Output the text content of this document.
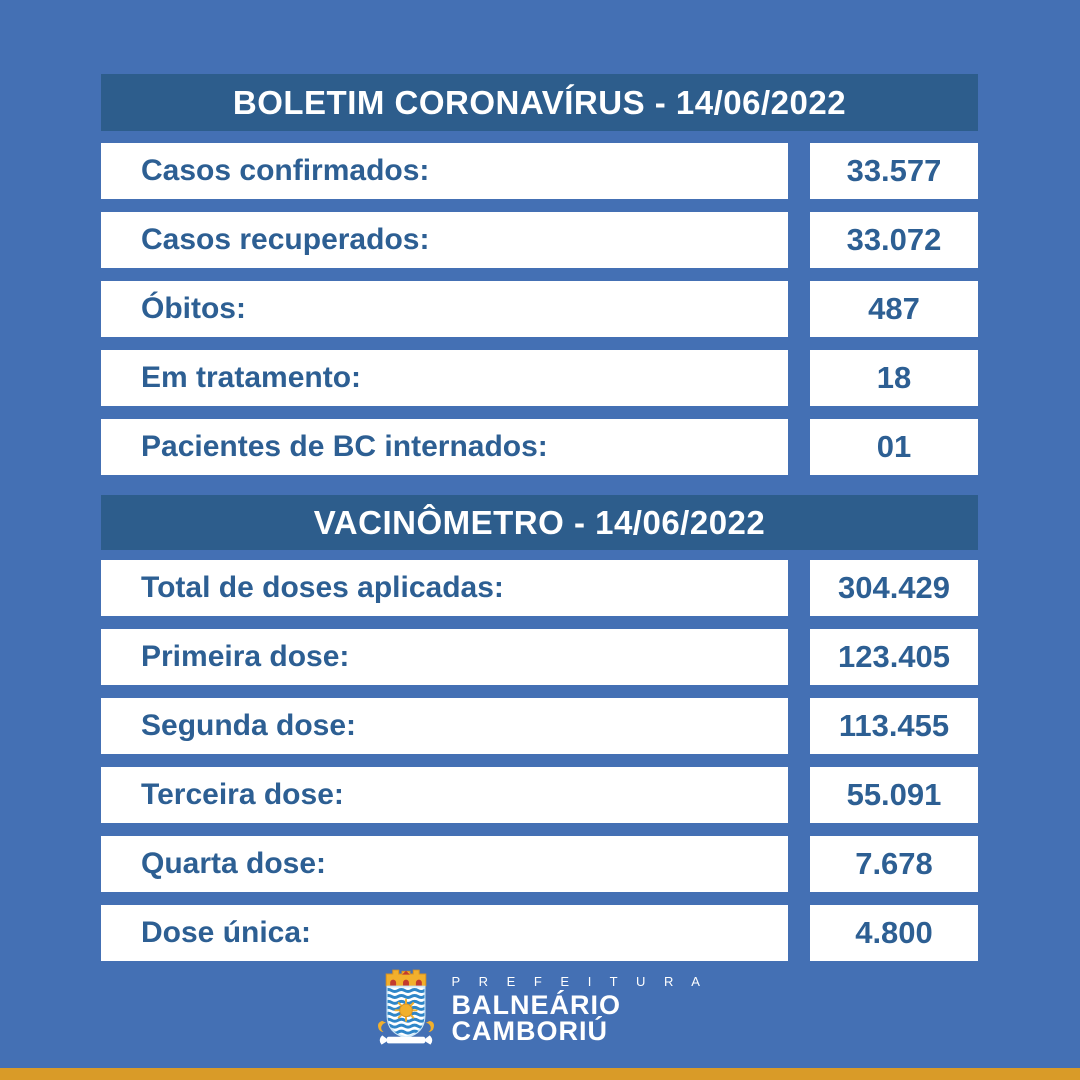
BOLETIM CORONAVÍRUS - 14/06/2022
Casos confirmados:	33.577
Casos recuperados:	33.072
Óbitos:	487
Em tratamento:	18
Pacientes de BC internados:	01
VACINÔMETRO - 14/06/2022
Total de doses aplicadas:	304.429
Primeira dose:	123.405
Segunda dose:	113.455
Terceira dose:	55.091
Quarta dose:	7.678
Dose única:	4.800
P R E F E I T U R A
BALNEÁRIO
CAMBORIÚ
